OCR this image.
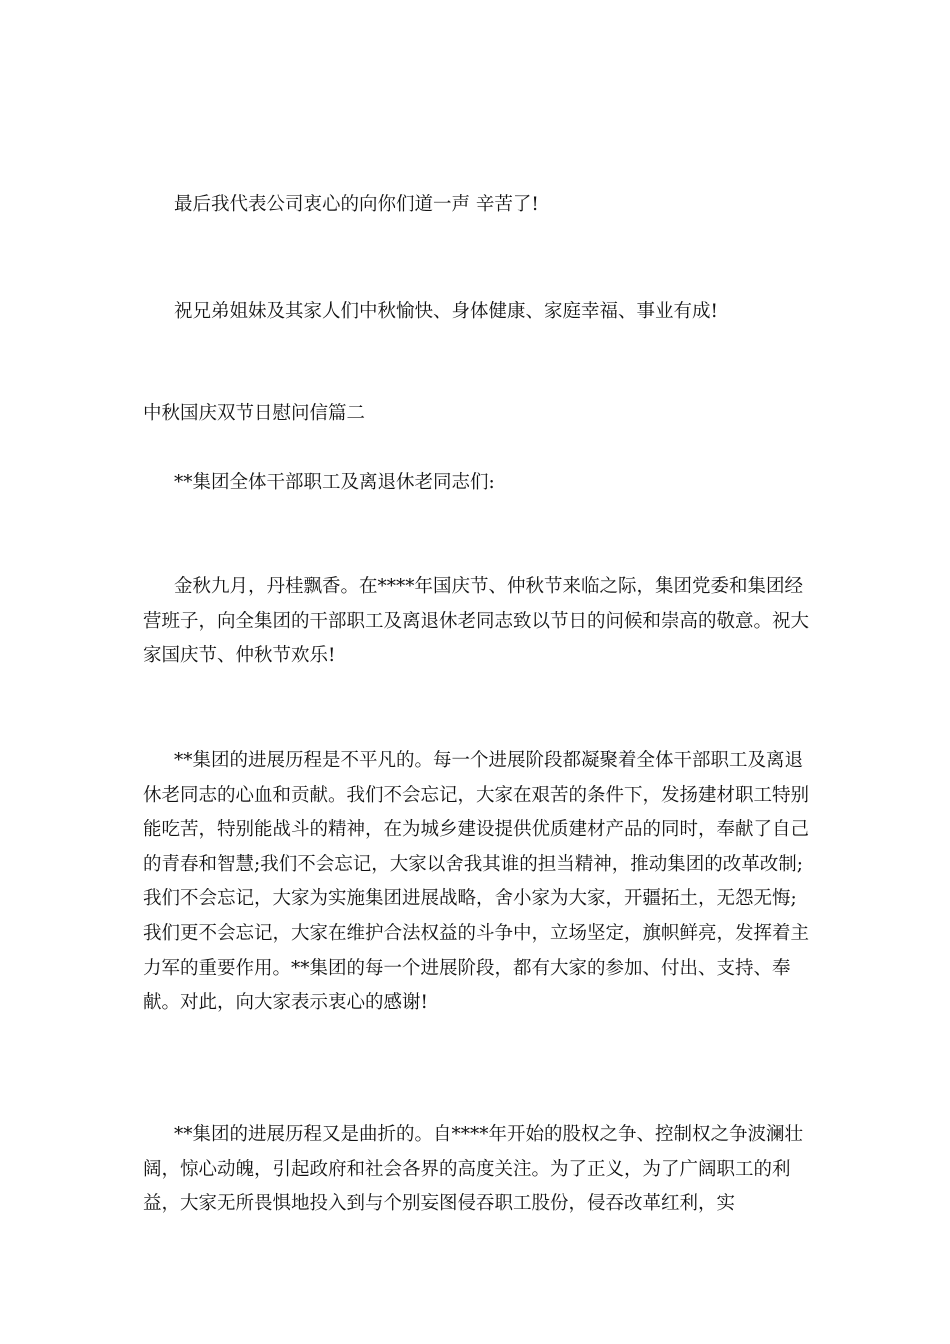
最后我代表公司衷心的向你们道一声 辛苦了!

祝兄弟姐妹及其家人们中秋愉快、身体健康、家庭幸福、事业有成!

中秋国庆双节日慰问信篇二

**集团全体干部职工及离退休老同志们:

金秋九月，丹桂飘香。在****年国庆节、仲秋节来临之际，集团党委和集团经营班子，向全集团的干部职工及离退休老同志致以节日的问候和崇高的敬意。祝大家国庆节、仲秋节欢乐!

**集团的进展历程是不平凡的。每一个进展阶段都凝聚着全体干部职工及离退休老同志的心血和贡献。我们不会忘记，大家在艰苦的条件下，发扬建材职工特别能吃苦，特别能战斗的精神，在为城乡建设提供优质建材产品的同时，奉献了自己的青春和智慧;我们不会忘记，大家以舍我其谁的担当精神，推动集团的改革改制;我们不会忘记，大家为实施集团进展战略，舍小家为大家，开疆拓土，无怨无悔;我们更不会忘记，大家在维护合法权益的斗争中，立场坚定，旗帜鲜亮，发挥着主力军的重要作用。**集团的每一个进展阶段，都有大家的参加、付出、支持、奉献。对此，向大家表示衷心的感谢!

**集团的进展历程又是曲折的。自****年开始的股权之争、控制权之争波澜壮阔，惊心动魄，引起政府和社会各界的高度关注。为了正义，为了广阔职工的利益，大家无所畏惧地投入到与个别妄图侵吞职工股份，侵吞改革红利，实
